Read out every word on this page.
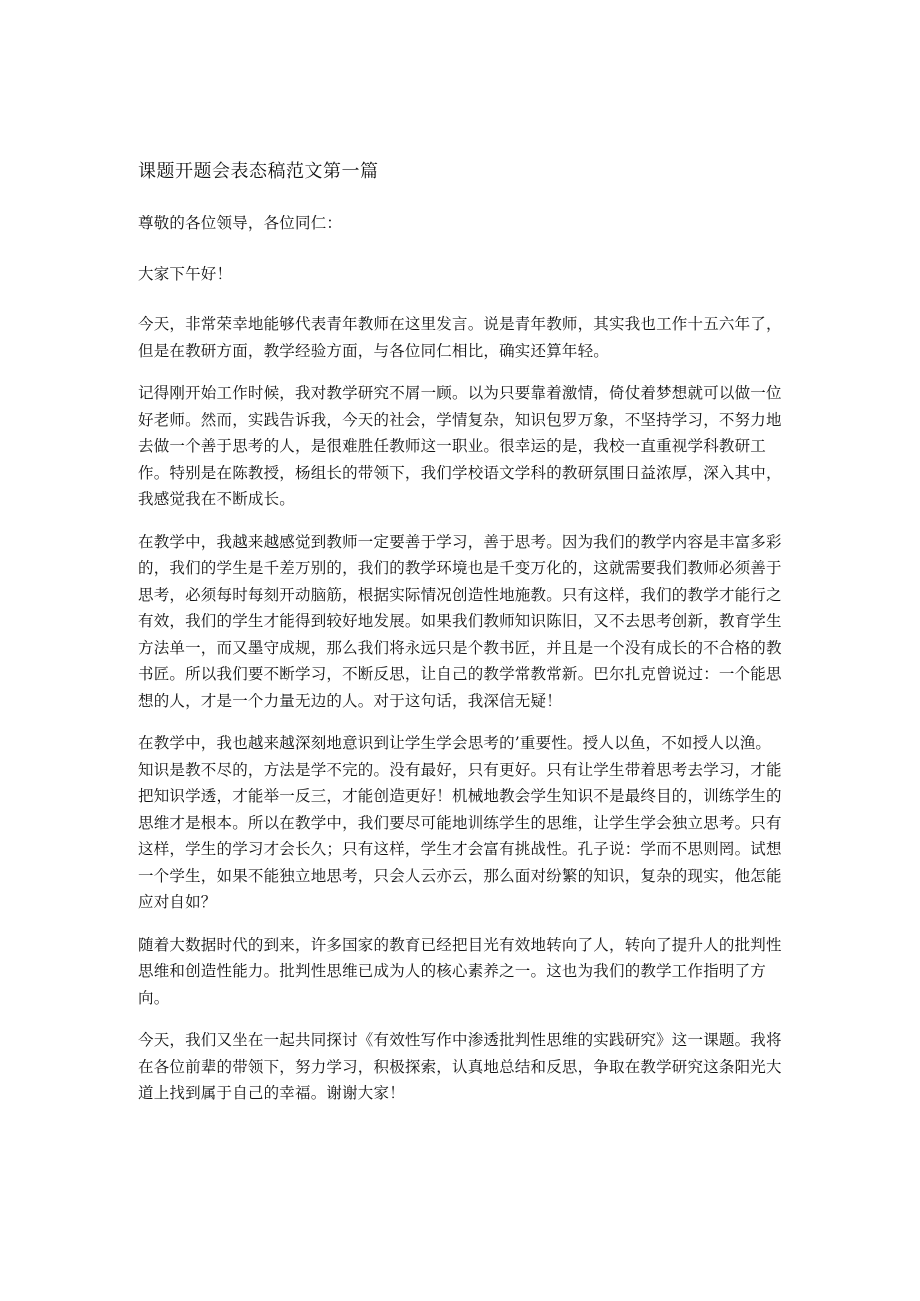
课题开题会表态稿范文第一篇

尊敬的各位领导，各位同仁：

大家下午好！

今天，非常荣幸地能够代表青年教师在这里发言。说是青年教师，其实我也工作十五六年了，但是在教研方面，教学经验方面，与各位同仁相比，确实还算年轻。

记得刚开始工作时候，我对教学研究不屑一顾。以为只要靠着激情，倚仗着梦想就可以做一位好老师。然而，实践告诉我，今天的社会，学情复杂，知识包罗万象，不坚持学习，不努力地去做一个善于思考的人，是很难胜任教师这一职业。很幸运的是，我校一直重视学科教研工作。特别是在陈教授，杨组长的带领下，我们学校语文学科的教研氛围日益浓厚，深入其中，我感觉我在不断成长。

在教学中，我越来越感觉到教师一定要善于学习，善于思考。因为我们的教学内容是丰富多彩的，我们的学生是千差万别的，我们的教学环境也是千变万化的，这就需要我们教师必须善于思考，必须每时每刻开动脑筋，根据实际情况创造性地施教。只有这样，我们的教学才能行之有效，我们的学生才能得到较好地发展。如果我们教师知识陈旧，又不去思考创新，教育学生方法单一，而又墨守成规，那么我们将永远只是个教书匠，并且是一个没有成长的不合格的教书匠。所以我们要不断学习，不断反思，让自己的教学常教常新。巴尔扎克曾说过：一个能思想的人，才是一个力量无边的人。对于这句话，我深信无疑！

在教学中，我也越来越深刻地意识到让学生学会思考的’重要性。授人以鱼，不如授人以渔。知识是教不尽的，方法是学不完的。没有最好，只有更好。只有让学生带着思考去学习，才能把知识学透，才能举一反三，才能创造更好！机械地教会学生知识不是最终目的，训练学生的思维才是根本。所以在教学中，我们要尽可能地训练学生的思维，让学生学会独立思考。只有这样，学生的学习才会长久；只有这样，学生才会富有挑战性。孔子说：学而不思则罔。试想一个学生，如果不能独立地思考，只会人云亦云，那么面对纷繁的知识，复杂的现实，他怎能应对自如？

随着大数据时代的到来，许多国家的教育已经把目光有效地转向了人，转向了提升人的批判性思维和创造性能力。批判性思维已成为人的核心素养之一。这也为我们的教学工作指明了方向。

今天，我们又坐在一起共同探讨《有效性写作中渗透批判性思维的实践研究》这一课题。我将在各位前辈的带领下，努力学习，积极探索，认真地总结和反思，争取在教学研究这条阳光大道上找到属于自己的幸福。谢谢大家！
